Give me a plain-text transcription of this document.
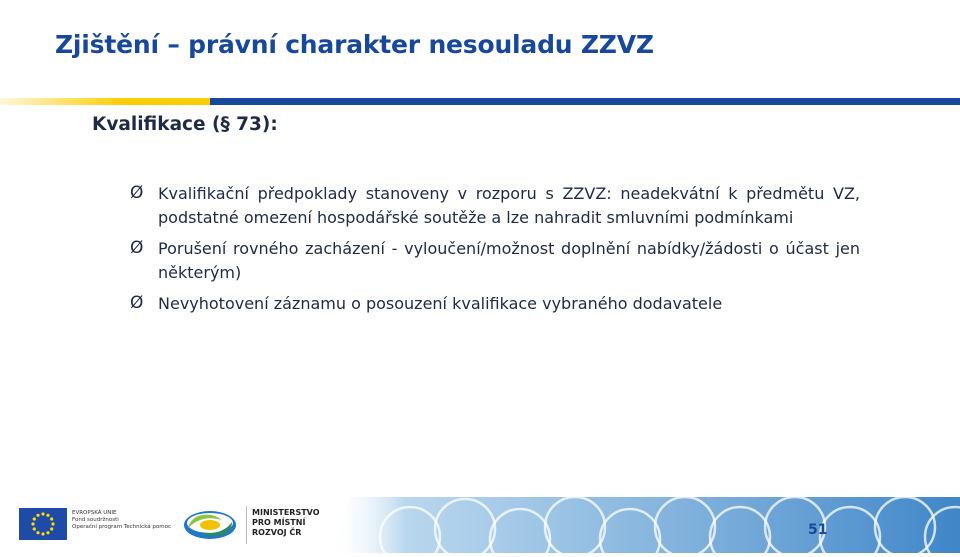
Zjištění – právní charakter nesouladu ZZVZ
Kvalifikace (§ 73):
Ø Kvalifikační předpoklady stanoveny v rozporu s ZZVZ: neadekvátní k předmětu VZ, podstatné omezení hospodářské soutěže a lze nahradit smluvními podmínkami
Ø Porušení rovného zacházení - vyloučení/možnost doplnění nabídky/žádosti o účast jen některým)
Ø Nevyhotovení záznamu o posouzení kvalifikace vybraného dodavatele
EVROPSKÁ UNIE
Fond soudržnosti
Operační program Technická pomoc
MINISTERSTVO
PRO MÍSTNÍ
ROZVOJ ČR	51
